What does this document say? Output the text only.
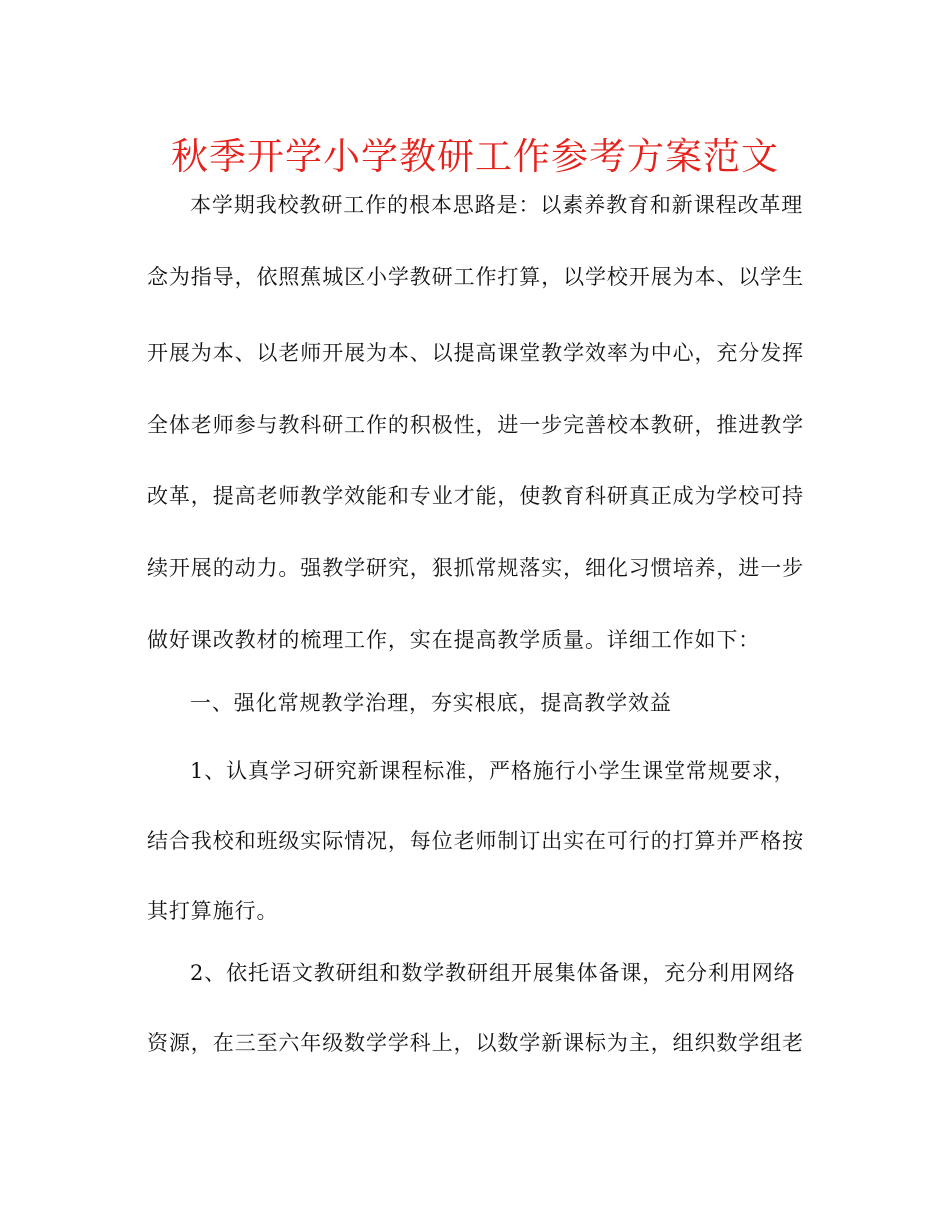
秋季开学小学教研工作参考方案范文

本学期我校教研工作的根本思路是：以素养教育和新课程改革理

念为指导，依照蕉城区小学教研工作打算，以学校开展为本、以学生

开展为本、以老师开展为本、以提高课堂教学效率为中心，充分发挥

全体老师参与教科研工作的积极性，进一步完善校本教研，推进教学

改革，提高老师教学效能和专业才能，使教育科研真正成为学校可持

续开展的动力。强教学研究，狠抓常规落实，细化习惯培养，进一步

做好课改教材的梳理工作，实在提高教学质量。详细工作如下：

一、强化常规教学治理，夯实根底，提高教学效益

1、认真学习研究新课程标准，严格施行小学生课堂常规要求，

结合我校和班级实际情况，每位老师制订出实在可行的打算并严格按

其打算施行。

2、依托语文教研组和数学教研组开展集体备课，充分利用网络

资源，在三至六年级数学学科上，以数学新课标为主，组织数学组老
